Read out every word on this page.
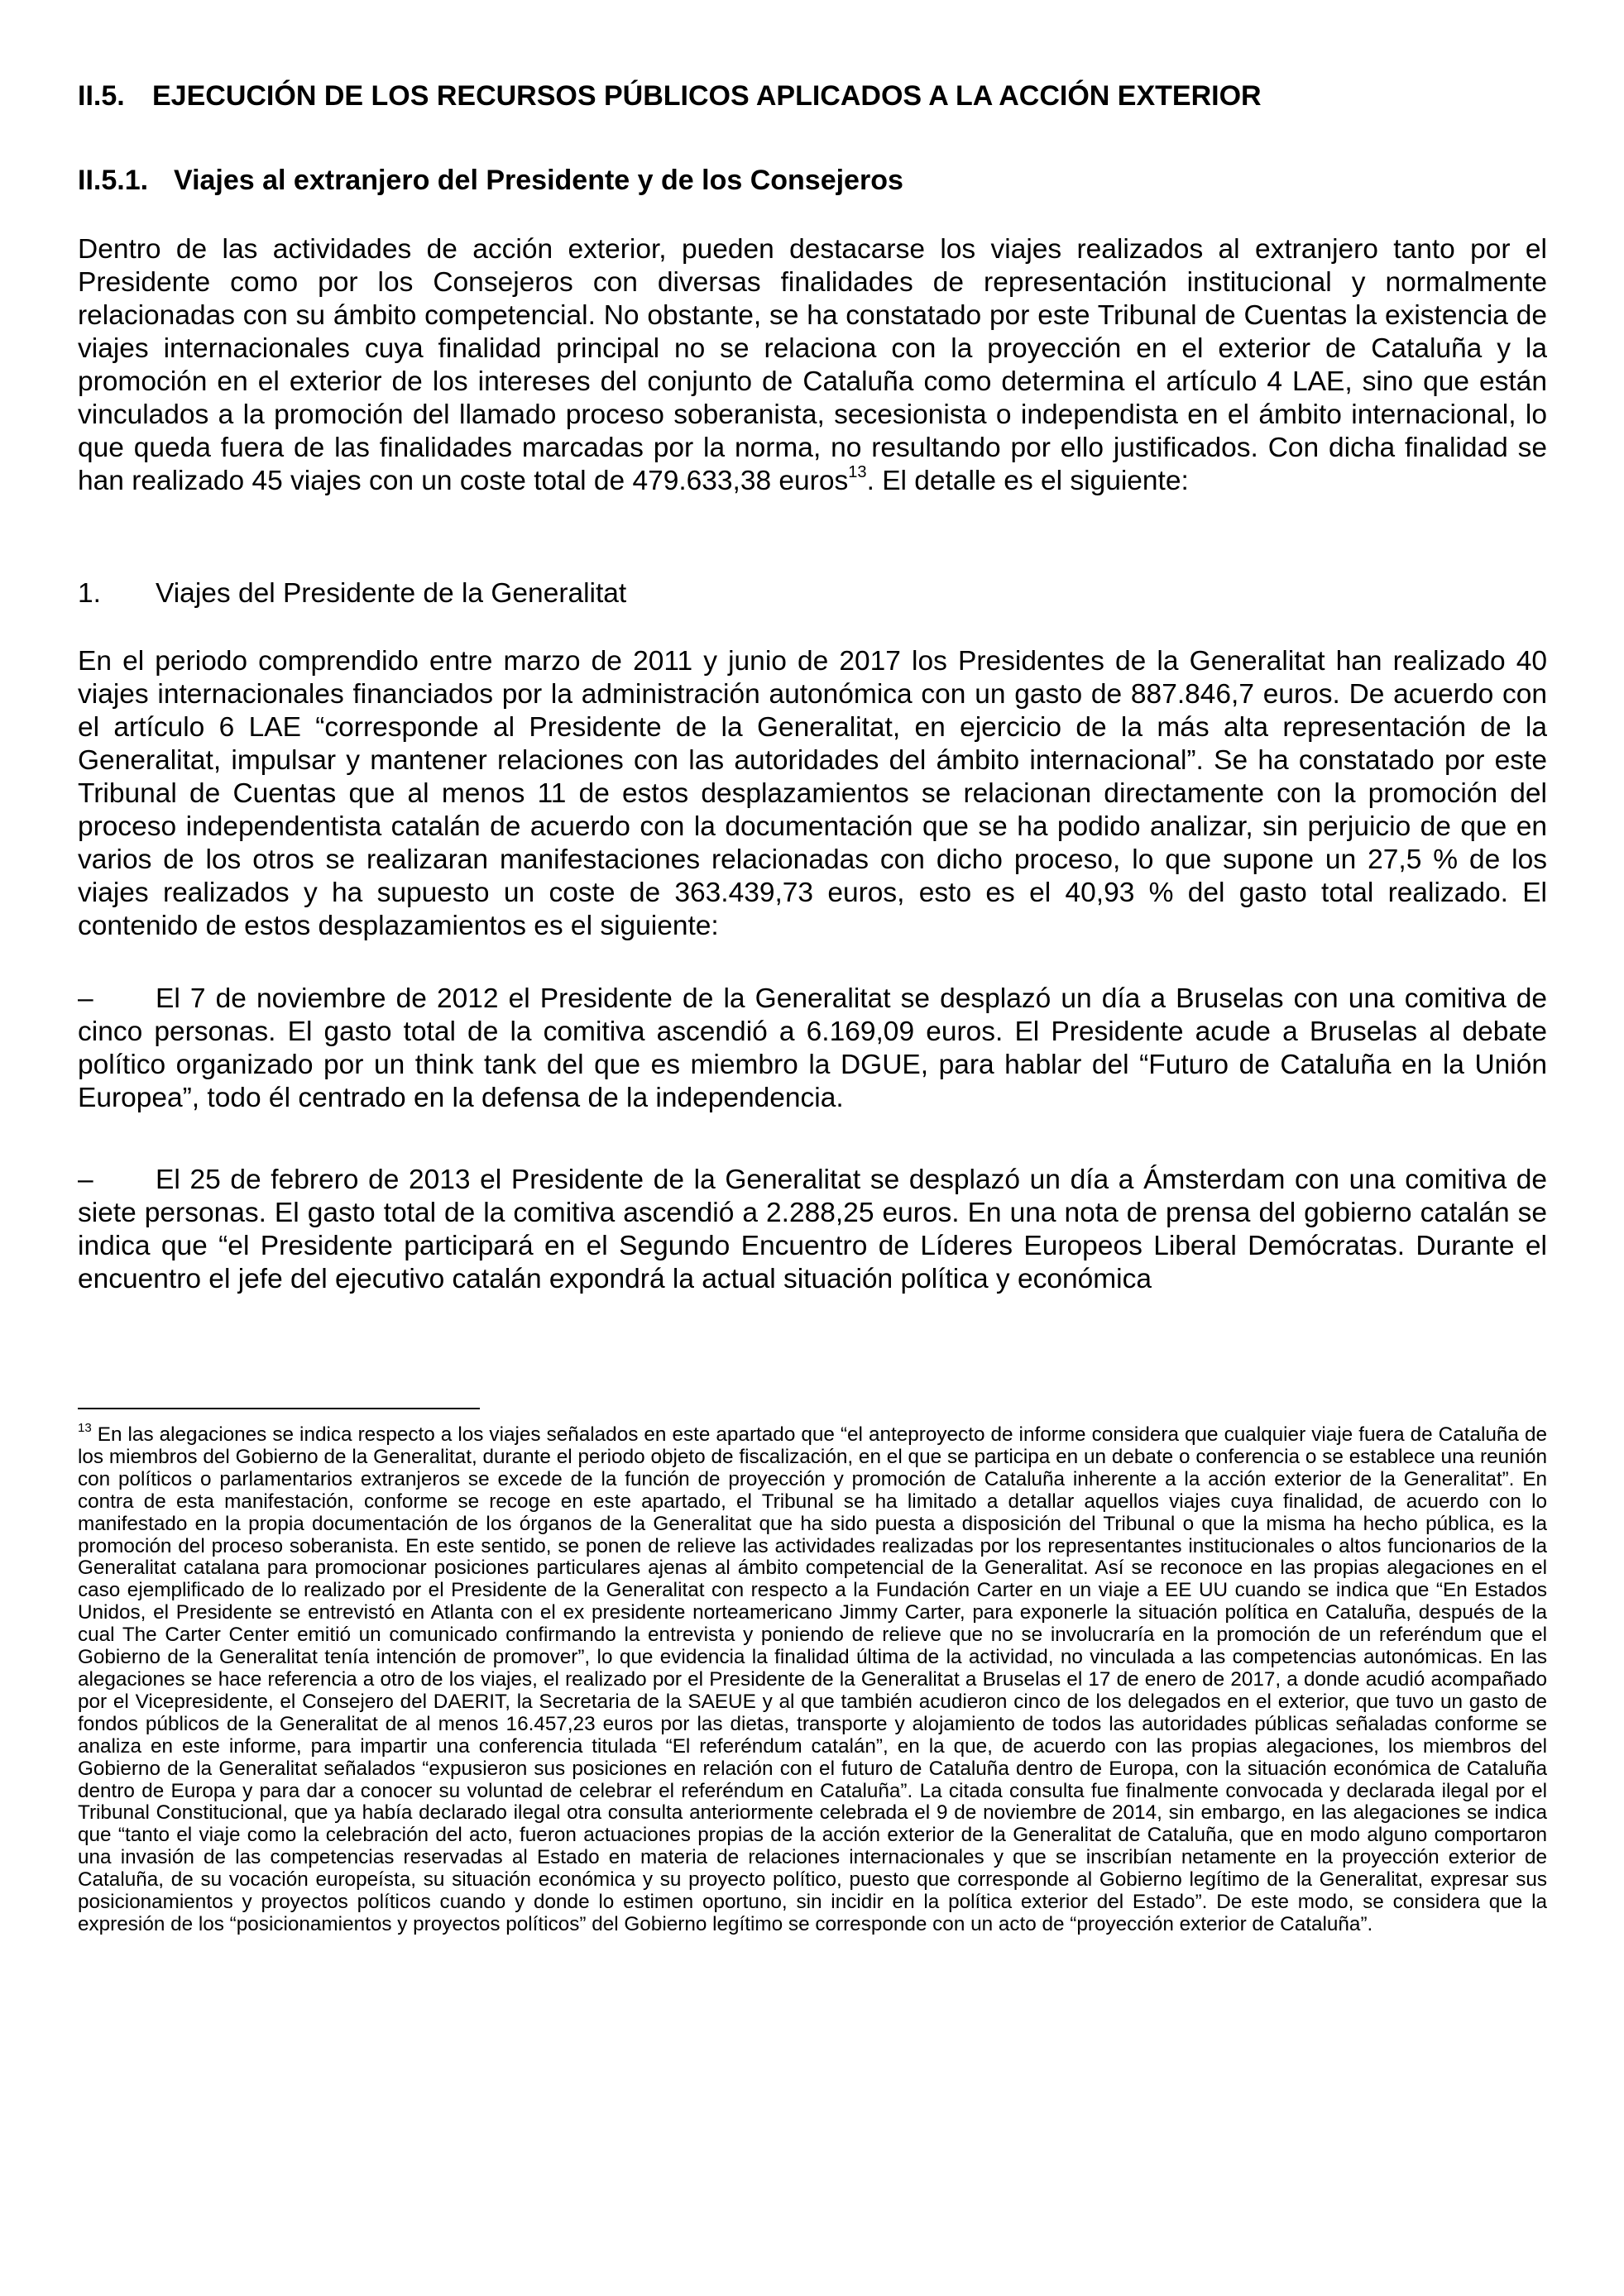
II.5. EJECUCIÓN DE LOS RECURSOS PÚBLICOS APLICADOS A LA ACCIÓN EXTERIOR
II.5.1. Viajes al extranjero del Presidente y de los Consejeros
Dentro de las actividades de acción exterior, pueden destacarse los viajes realizados al extranjero tanto por el Presidente como por los Consejeros con diversas finalidades de representación institucional y normalmente relacionadas con su ámbito competencial. No obstante, se ha constatado por este Tribunal de Cuentas la existencia de viajes internacionales cuya finalidad principal no se relaciona con la proyección en el exterior de Cataluña y la promoción en el exterior de los intereses del conjunto de Cataluña como determina el artículo 4 LAE, sino que están vinculados a la promoción del llamado proceso soberanista, secesionista o independista en el ámbito internacional, lo que queda fuera de las finalidades marcadas por la norma, no resultando por ello justificados. Con dicha finalidad se han realizado 45 viajes con un coste total de 479.633,38 euros$^{13}$. El detalle es el siguiente:
1. Viajes del Presidente de la Generalitat
En el periodo comprendido entre marzo de 2011 y junio de 2017 los Presidentes de la Generalitat han realizado 40 viajes internacionales financiados por la administración autonómica con un gasto de 887.846,7 euros. De acuerdo con el artículo 6 LAE “corresponde al Presidente de la Generalitat, en ejercicio de la más alta representación de la Generalitat, impulsar y mantener relaciones con las autoridades del ámbito internacional”. Se ha constatado por este Tribunal de Cuentas que al menos 11 de estos desplazamientos se relacionan directamente con la promoción del proceso independentista catalán de acuerdo con la documentación que se ha podido analizar, sin perjuicio de que en varios de los otros se realizaran manifestaciones relacionadas con dicho proceso, lo que supone un 27,5 % de los viajes realizados y ha supuesto un coste de 363.439,73 euros, esto es el 40,93 % del gasto total realizado. El contenido de estos desplazamientos es el siguiente:
– El 7 de noviembre de 2012 el Presidente de la Generalitat se desplazó un día a Bruselas con una comitiva de cinco personas. El gasto total de la comitiva ascendió a 6.169,09 euros. El Presidente acude a Bruselas al debate político organizado por un think tank del que es miembro la DGUE, para hablar del “Futuro de Cataluña en la Unión Europea”, todo él centrado en la defensa de la independencia.
– El 25 de febrero de 2013 el Presidente de la Generalitat se desplazó un día a Ámsterdam con una comitiva de siete personas. El gasto total de la comitiva ascendió a 2.288,25 euros. En una nota de prensa del gobierno catalán se indica que “el Presidente participará en el Segundo Encuentro de Líderes Europeos Liberal Demócratas. Durante el encuentro el jefe del ejecutivo catalán expondrá la actual situación política y económica
$^{13}$ En las alegaciones se indica respecto a los viajes señalados en este apartado que “el anteproyecto de informe considera que cualquier viaje fuera de Cataluña de los miembros del Gobierno de la Generalitat, durante el periodo objeto de fiscalización, en el que se participa en un debate o conferencia o se establece una reunión con políticos o parlamentarios extranjeros se excede de la función de proyección y promoción de Cataluña inherente a la acción exterior de la Generalitat”. En contra de esta manifestación, conforme se recoge en este apartado, el Tribunal se ha limitado a detallar aquellos viajes cuya finalidad, de acuerdo con lo manifestado en la propia documentación de los órganos de la Generalitat que ha sido puesta a disposición del Tribunal o que la misma ha hecho pública, es la promoción del proceso soberanista. En este sentido, se ponen de relieve las actividades realizadas por los representantes institucionales o altos funcionarios de la Generalitat catalana para promocionar posiciones particulares ajenas al ámbito competencial de la Generalitat. Así se reconoce en las propias alegaciones en el caso ejemplificado de lo realizado por el Presidente de la Generalitat con respecto a la Fundación Carter en un viaje a EE UU cuando se indica que “En Estados Unidos, el Presidente se entrevistó en Atlanta con el ex presidente norteamericano Jimmy Carter, para exponerle la situación política en Cataluña, después de la cual The Carter Center emitió un comunicado confirmando la entrevista y poniendo de relieve que no se involucraría en la promoción de un referéndum que el Gobierno de la Generalitat tenía intención de promover”, lo que evidencia la finalidad última de la actividad, no vinculada a las competencias autonómicas. En las alegaciones se hace referencia a otro de los viajes, el realizado por el Presidente de la Generalitat a Bruselas el 17 de enero de 2017, a donde acudió acompañado por el Vicepresidente, el Consejero del DAERIT, la Secretaria de la SAEUE y al que también acudieron cinco de los delegados en el exterior, que tuvo un gasto de fondos públicos de la Generalitat de al menos 16.457,23 euros por las dietas, transporte y alojamiento de todos las autoridades públicas señaladas conforme se analiza en este informe, para impartir una conferencia titulada “El referéndum catalán”, en la que, de acuerdo con las propias alegaciones, los miembros del Gobierno de la Generalitat señalados “expusieron sus posiciones en relación con el futuro de Cataluña dentro de Europa, con la situación económica de Cataluña dentro de Europa y para dar a conocer su voluntad de celebrar el referéndum en Cataluña”. La citada consulta fue finalmente convocada y declarada ilegal por el Tribunal Constitucional, que ya había declarado ilegal otra consulta anteriormente celebrada el 9 de noviembre de 2014, sin embargo, en las alegaciones se indica que “tanto el viaje como la celebración del acto, fueron actuaciones propias de la acción exterior de la Generalitat de Cataluña, que en modo alguno comportaron una invasión de las competencias reservadas al Estado en materia de relaciones internacionales y que se inscribían netamente en la proyección exterior de Cataluña, de su vocación europeísta, su situación económica y su proyecto político, puesto que corresponde al Gobierno legítimo de la Generalitat, expresar sus posicionamientos y proyectos políticos cuando y donde lo estimen oportuno, sin incidir en la política exterior del Estado”. De este modo, se considera que la expresión de los “posicionamientos y proyectos políticos” del Gobierno legítimo se corresponde con un acto de “proyección exterior de Cataluña”.
